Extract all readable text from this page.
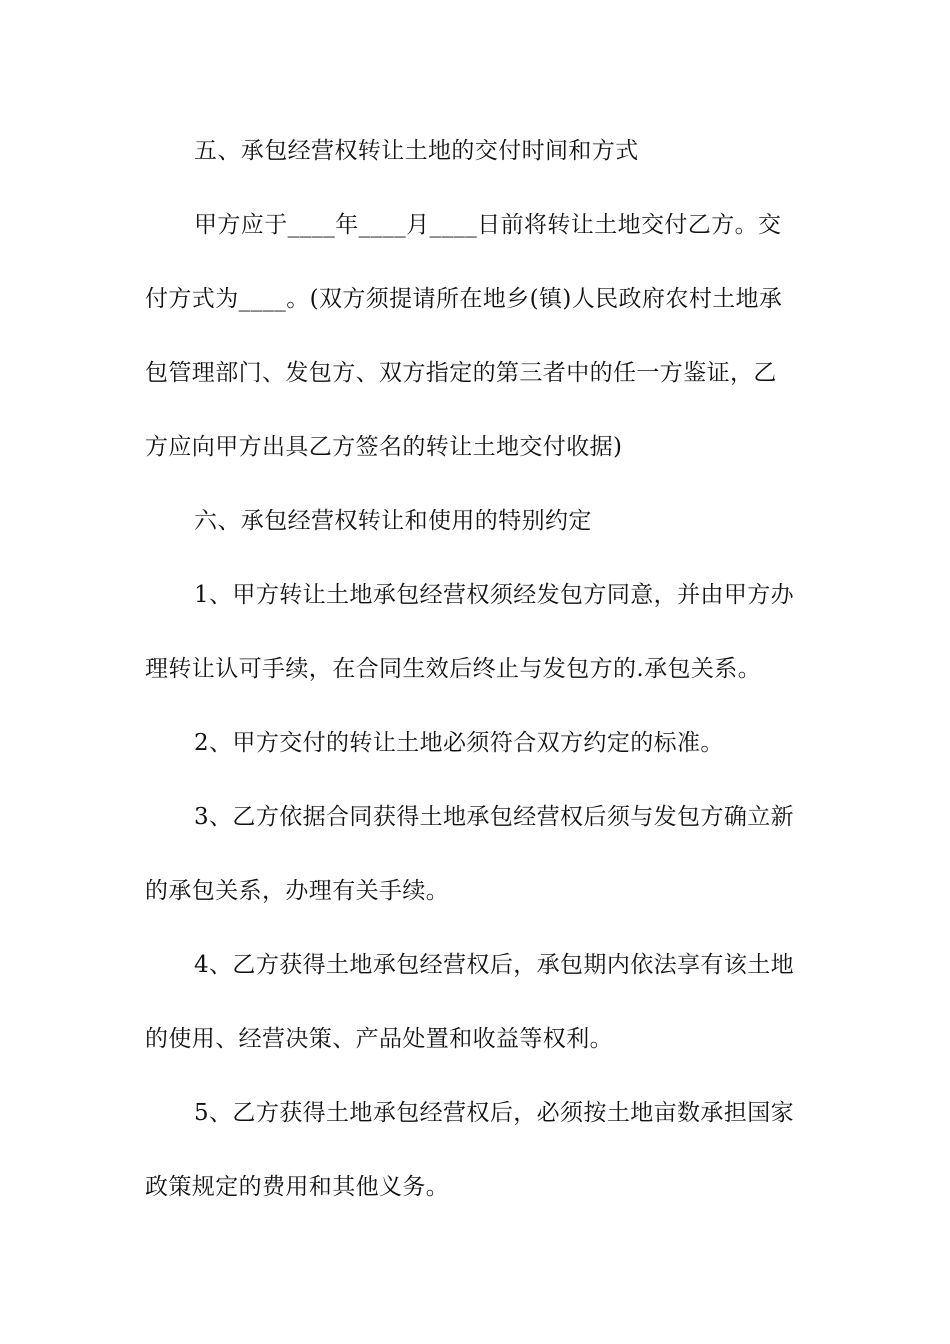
五、承包经营权转让土地的交付时间和方式
甲方应于____年____月____日前将转让土地交付乙方。交
付方式为____。(双方须提请所在地乡(镇)人民政府农村土地承
包管理部门、发包方、双方指定的第三者中的任一方鉴证，乙
方应向甲方出具乙方签名的转让土地交付收据)
六、承包经营权转让和使用的特别约定
1、甲方转让土地承包经营权须经发包方同意，并由甲方办
理转让认可手续，在合同生效后终止与发包方的.承包关系。
2、甲方交付的转让土地必须符合双方约定的标准。
3、乙方依据合同获得土地承包经营权后须与发包方确立新
的承包关系，办理有关手续。
4、乙方获得土地承包经营权后，承包期内依法享有该土地
的使用、经营决策、产品处置和收益等权利。
5、乙方获得土地承包经营权后，必须按土地亩数承担国家
政策规定的费用和其他义务。
